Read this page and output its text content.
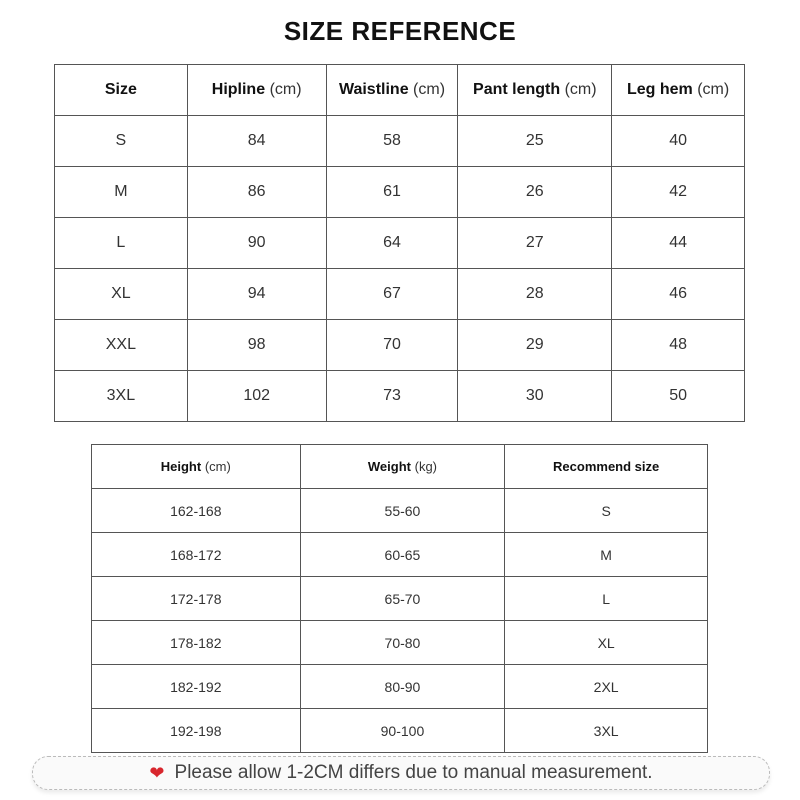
SIZE REFERENCE
Size	Hipline (cm)	Waistline (cm)	Pant length (cm)	Leg hem (cm)
S	84	58	25	40
M	86	61	26	42
L	90	64	27	44
XL	94	67	28	46
XXL	98	70	29	48
3XL	102	73	30	50
Height (cm)	Weight (kg)	Recommend size
162-168	55-60	S
168-172	60-65	M
172-178	65-70	L
178-182	70-80	XL
182-192	80-90	2XL
192-198	90-100	3XL
❤ Please allow 1-2CM differs due to manual measurement.
